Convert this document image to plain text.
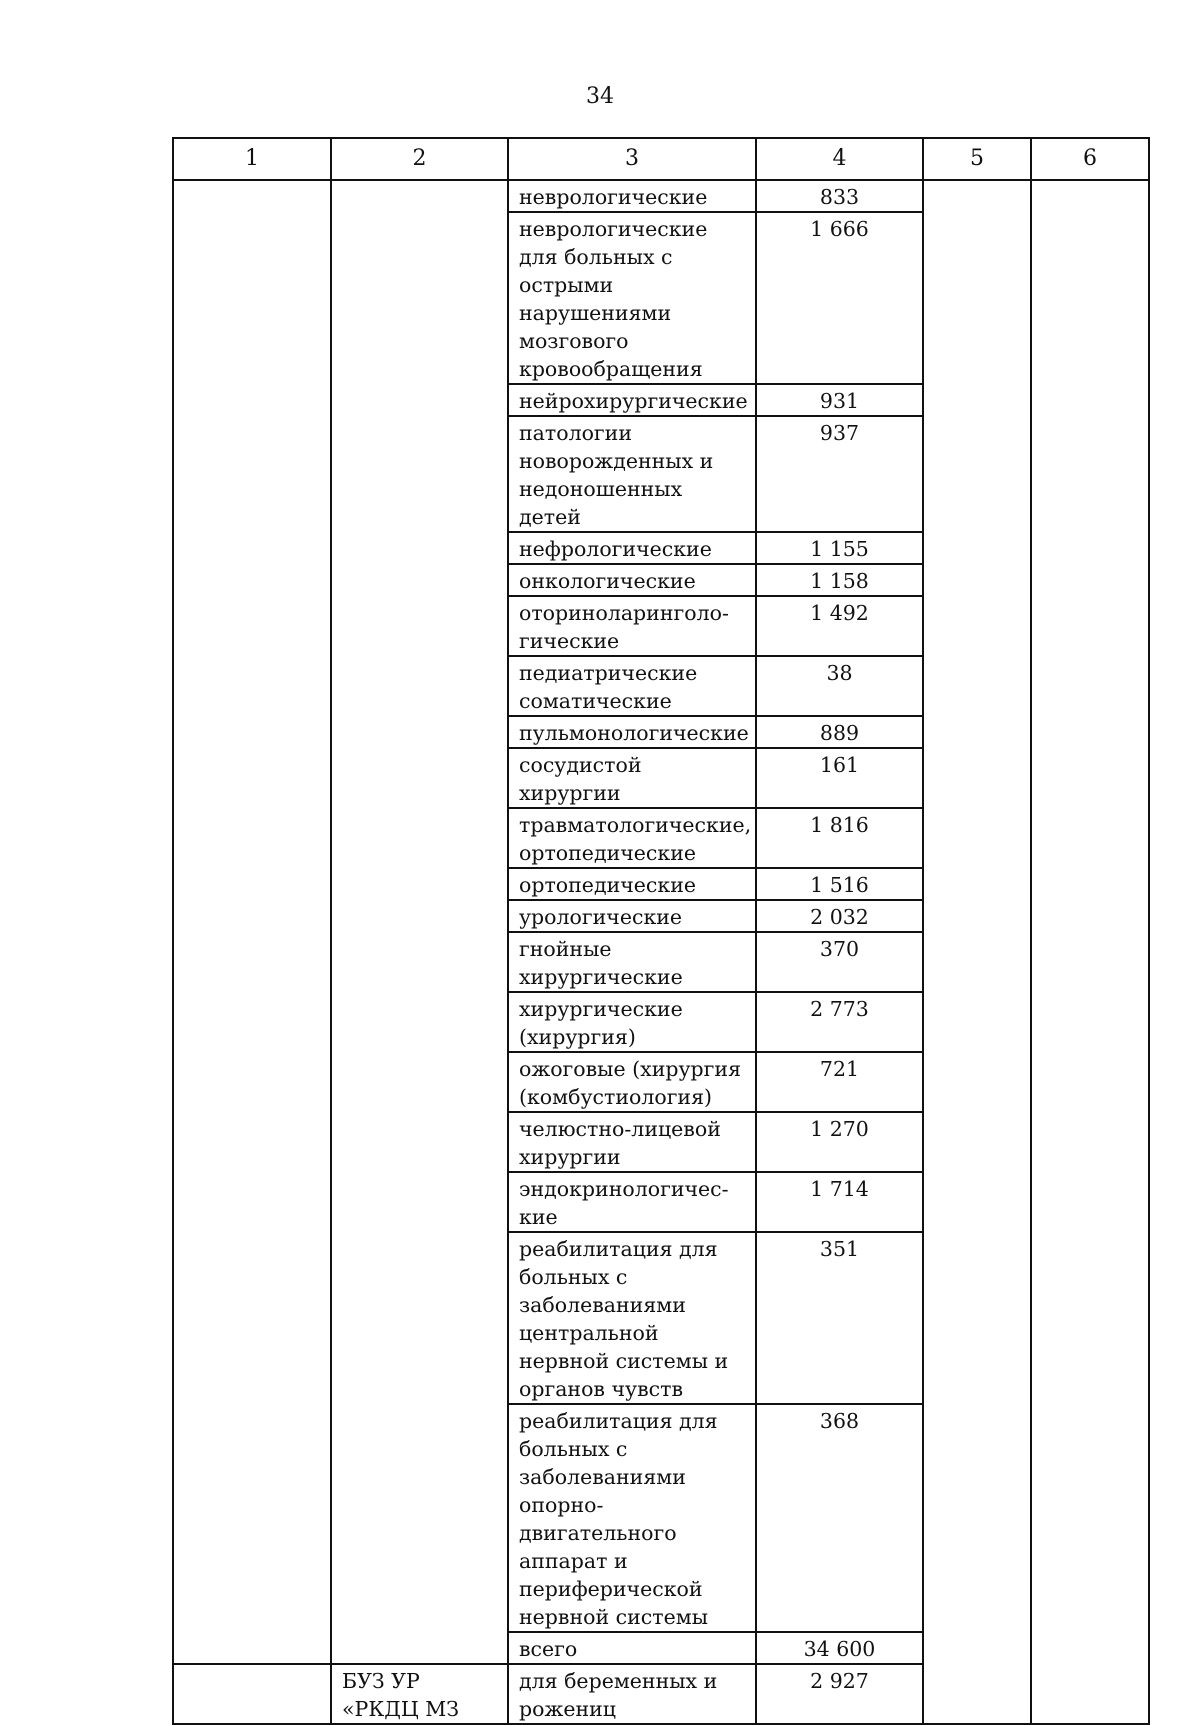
34
1	2	3	4	5	6
		неврологические	833		
		неврологические для больных с острыми нарушениями мозгового кровообращения	1 666		
		нейрохирургические	931		
		патологии новорожденных и недоношенных детей	937		
		нефрологические	1 155		
		онкологические	1 158		
		оториноларинголо-гические	1 492		
		педиатрические соматические	38		
		пульмонологические	889		
		сосудистой хирургии	161		
		травматологические, ортопедические	1 816		
		ортопедические	1 516		
		урологические	2 032		
		гнойные хирургические	370		
		хирургические (хирургия)	2 773		
		ожоговые (хирургия (комбустиология)	721		
		челюстно-лицевой хирургии	1 270		
		эндокринологичес-кие	1 714		
		реабилитация для больных с заболеваниями центральной нервной системы и органов чувств	351		
		реабилитация для больных с заболеваниями опорно-двигательного аппарат и периферической нервной системы	368		
		всего	34 600		
	БУЗ УР «РКДЦ МЗ	для беременных и рожениц	2 927		
